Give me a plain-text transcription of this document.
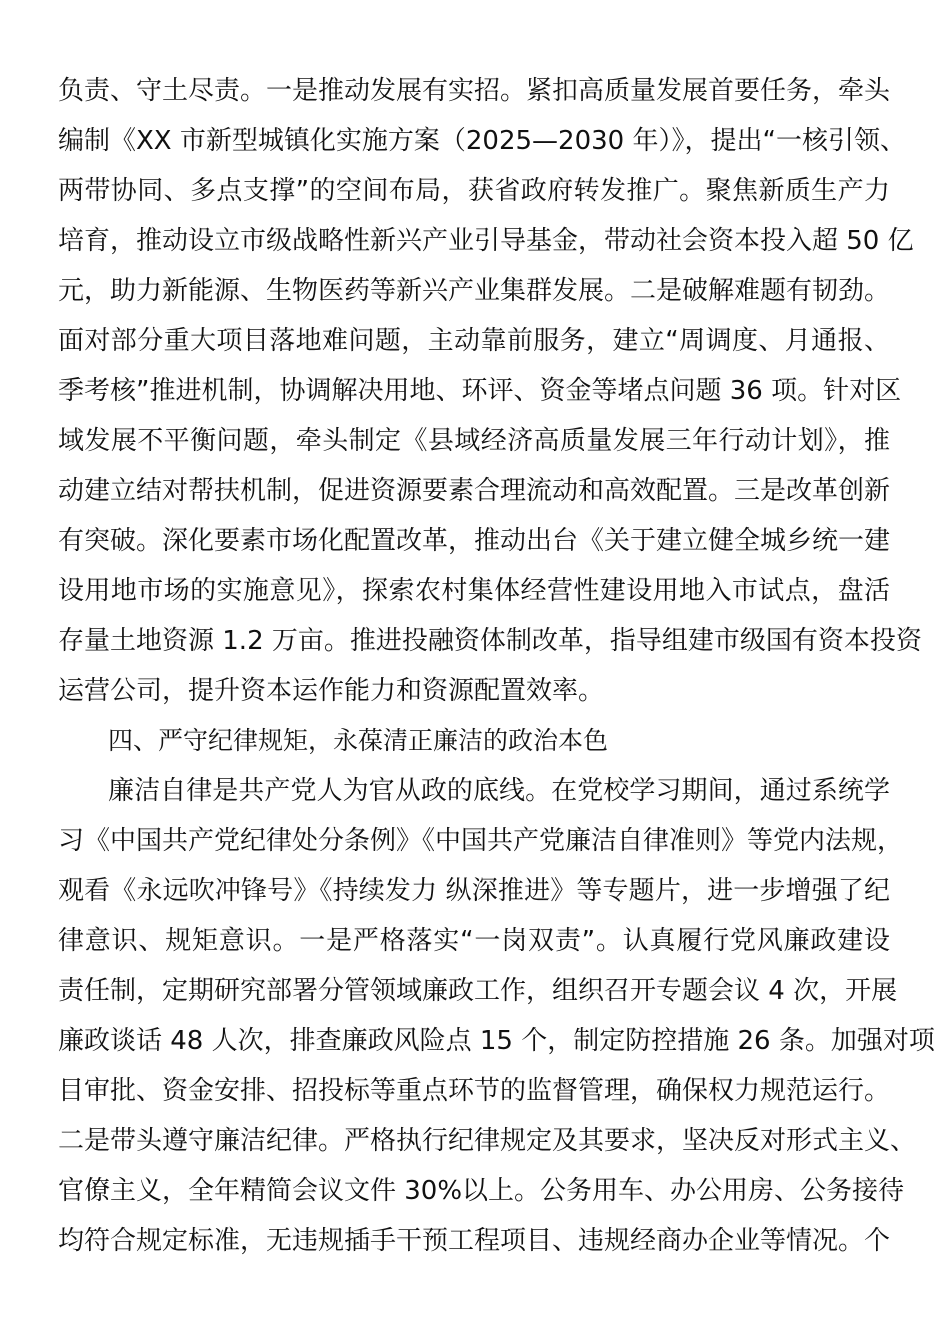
负责、守土尽责。一是推动发展有实招。紧扣高质量发展首要任务，牵头
编制《XX 市新型城镇化实施方案（2025—2030 年）》，提出“一核引领、
两带协同、多点支撑”的空间布局，获省政府转发推广。聚焦新质生产力
培育，推动设立市级战略性新兴产业引导基金，带动社会资本投入超 50 亿
元，助力新能源、生物医药等新兴产业集群发展。二是破解难题有韧劲。
面对部分重大项目落地难问题，主动靠前服务，建立“周调度、月通报、
季考核”推进机制，协调解决用地、环评、资金等堵点问题 36 项。针对区
域发展不平衡问题，牵头制定《县域经济高质量发展三年行动计划》，推
动建立结对帮扶机制，促进资源要素合理流动和高效配置。三是改革创新
有突破。深化要素市场化配置改革，推动出台《关于建立健全城乡统一建
设用地市场的实施意见》，探索农村集体经营性建设用地入市试点，盘活
存量土地资源 1.2 万亩。推进投融资体制改革，指导组建市级国有资本投资
运营公司，提升资本运作能力和资源配置效率。
四、严守纪律规矩，永葆清正廉洁的政治本色
廉洁自律是共产党人为官从政的底线。在党校学习期间，通过系统学
习《中国共产党纪律处分条例》《中国共产党廉洁自律准则》等党内法规，
观看《永远吹冲锋号》《持续发力 纵深推进》等专题片，进一步增强了纪
律意识、规矩意识。一是严格落实“一岗双责”。认真履行党风廉政建设
责任制，定期研究部署分管领域廉政工作，组织召开专题会议 4 次，开展
廉政谈话 48 人次，排查廉政风险点 15 个，制定防控措施 26 条。加强对项
目审批、资金安排、招投标等重点环节的监督管理，确保权力规范运行。
二是带头遵守廉洁纪律。严格执行纪律规定及其要求，坚决反对形式主义、
官僚主义，全年精简会议文件 30%以上。公务用车、办公用房、公务接待
均符合规定标准，无违规插手干预工程项目、违规经商办企业等情况。个
